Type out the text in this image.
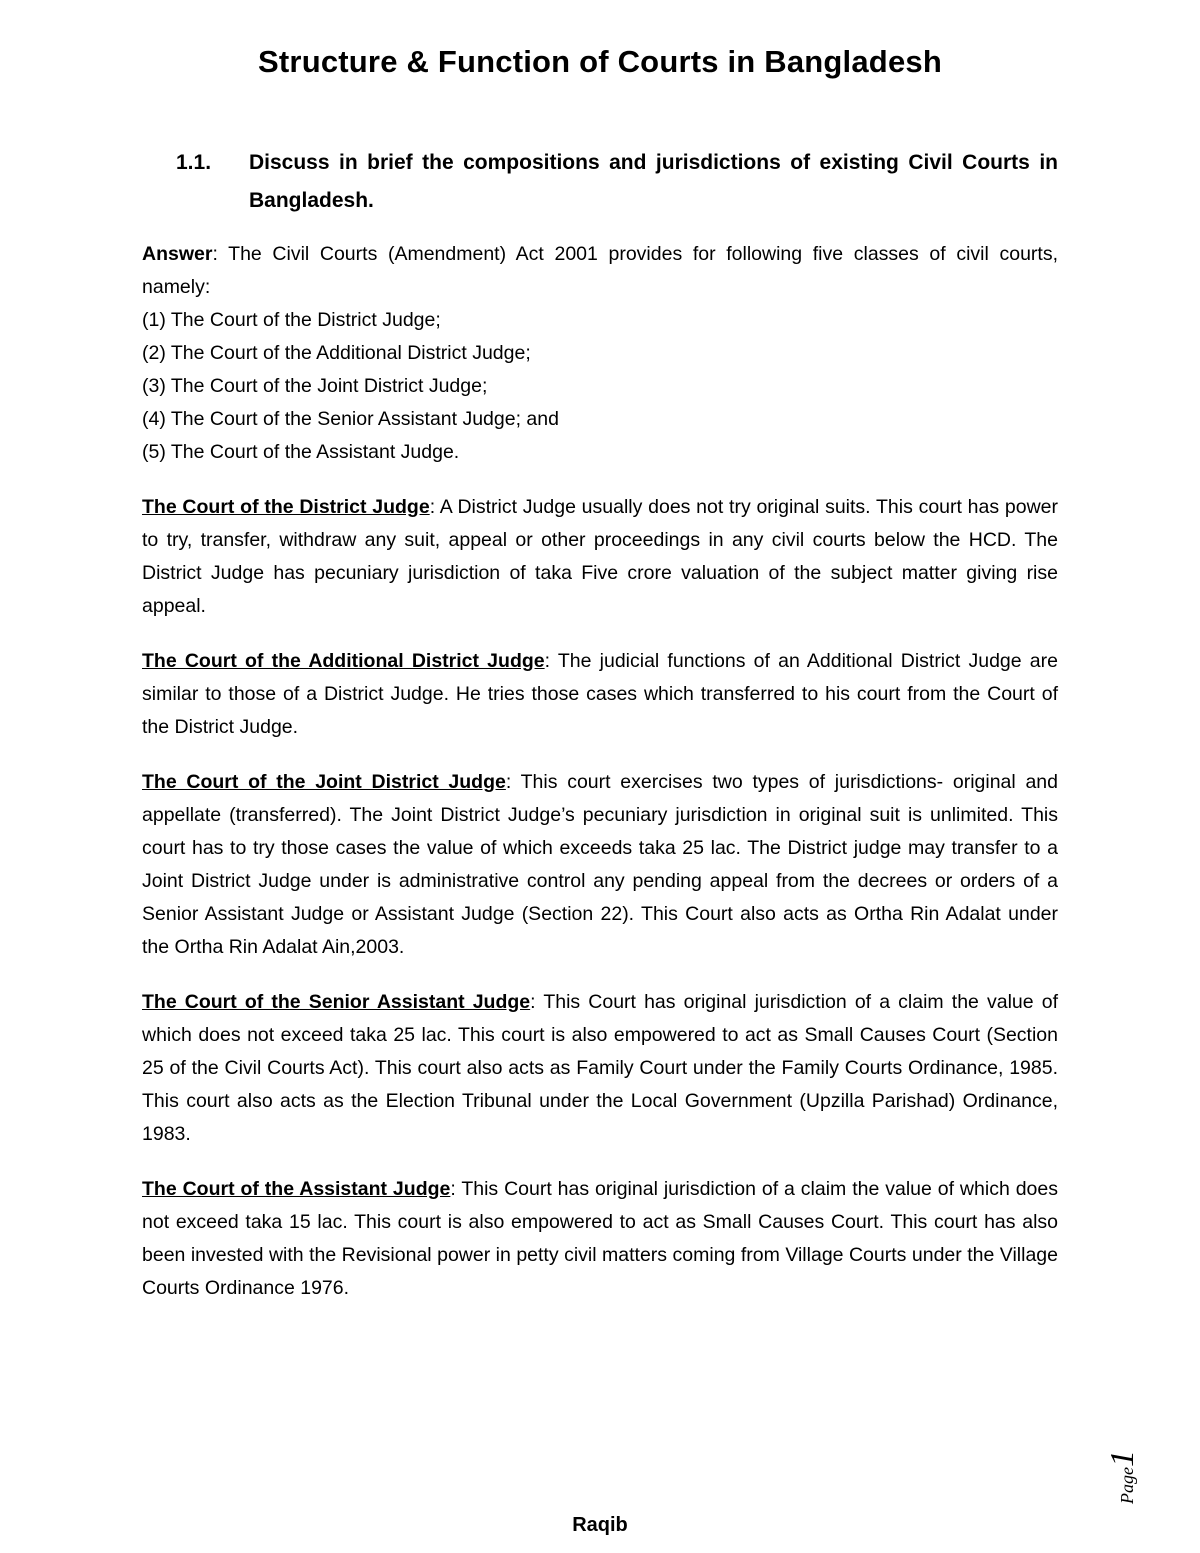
Structure & Function of Courts in Bangladesh
1.1. Discuss in brief the compositions and jurisdictions of existing Civil Courts in Bangladesh.

Answer: The Civil Courts (Amendment) Act 2001 provides for following five classes of civil courts, namely:

(1) The Court of the District Judge;
(2) The Court of the Additional District Judge;
(3) The Court of the Joint District Judge;
(4) The Court of the Senior Assistant Judge; and
(5) The Court of the Assistant Judge.

The Court of the District Judge: A District Judge usually does not try original suits. This court has power to try, transfer, withdraw any suit, appeal or other proceedings in any civil courts below the HCD. The District Judge has pecuniary jurisdiction of taka Five crore valuation of the subject matter giving rise appeal.

The Court of the Additional District Judge: The judicial functions of an Additional District Judge are similar to those of a District Judge. He tries those cases which transferred to his court from the Court of the District Judge.

The Court of the Joint District Judge: This court exercises two types of jurisdictions- original and appellate (transferred). The Joint District Judge’s pecuniary jurisdiction in original suit is unlimited. This court has to try those cases the value of which exceeds taka 25 lac. The District judge may transfer to a Joint District Judge under is administrative control any pending appeal from the decrees or orders of a Senior Assistant Judge or Assistant Judge (Section 22). This Court also acts as Ortha Rin Adalat under the Ortha Rin Adalat Ain,2003.

The Court of the Senior Assistant Judge: This Court has original jurisdiction of a claim the value of which does not exceed taka 25 lac. This court is also empowered to act as Small Causes Court (Section 25 of the Civil Courts Act). This court also acts as Family Court under the Family Courts Ordinance, 1985. This court also acts as the Election Tribunal under the Local Government (Upzilla Parishad) Ordinance, 1983.

The Court of the Assistant Judge: This Court has original jurisdiction of a claim the value of which does not exceed taka 15 lac. This court is also empowered to act as Small Causes Court. This court has also been invested with the Revisional power in petty civil matters coming from Village Courts under the Village Courts Ordinance 1976.

Page1
Raqib
